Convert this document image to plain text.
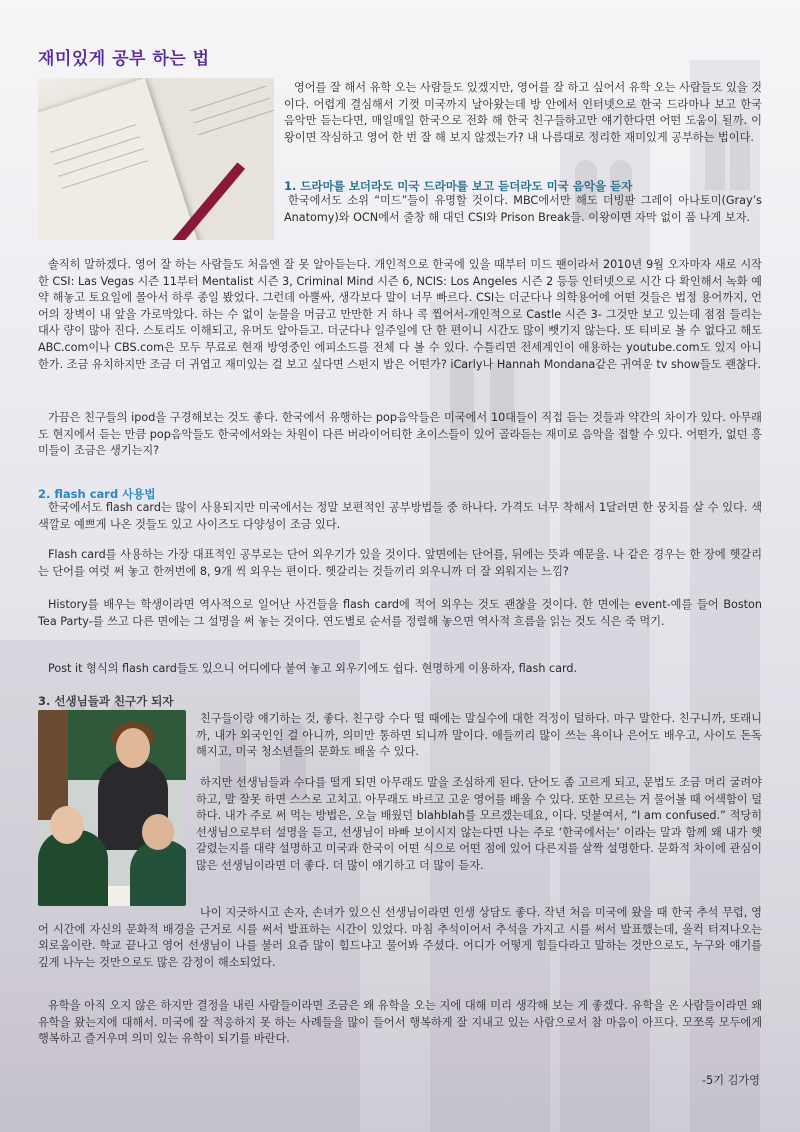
재미있게 공부 하는 법

영어를 잘 해서 유학 오는 사람들도 있겠지만, 영어를 잘 하고 싶어서 유학 오는 사람들도 있을 것이다. 어렵게 결심해서 기껏 미국까지 날아왔는데 방 안에서 인터넷으로 한국 드라마나 보고 한국 음악만 듣는다면, 매일매일 한국으로 전화 해 한국 친구들하고만 얘기한다면 어떤 도움이 될까. 이왕이면 작심하고 영어 한 번 잘 해 보지 않겠는가? 내 나름대로 정리한 재미있게 공부하는 법이다.

1. 드라마를 보더라도 미국 드라마를 보고 듣더라도 미국 음악을 듣자

한국에서도 소위 “미드”들이 유명할 것이다. MBC에서만 해도 더빙판 그레이 아나토미(Gray’s Anatomy)와 OCN에서 줄창 해 대던 CSI와 Prison Break들. 이왕이면 자막 없이 품 나게 보자.

솔직히 말하겠다. 영어 잘 하는 사람들도 처음엔 잘 못 알아듣는다. 개인적으로 한국에 있을 때부터 미드 팬이라서 2010년 9월 오자마자 새로 시작한 CSI: Las Vegas 시즌 11부터 Mentalist 시즌 3, Criminal Mind 시즌 6, NCIS: Los Angeles 시즌 2 등등 인터넷으로 시간 다 확인해서 녹화 예약 해놓고 토요일에 몰아서 하루 종일 봤었다. 그런데 아뿔싸, 생각보다 말이 너무 빠르다. CSI는 더군다나 의학용어에 어떤 것들은 법정 용어까지, 언어의 장벽이 내 앞을 가로막았다. 하는 수 없이 눈물을 머금고 만만한 거 하나 콕 찝어서-개인적으로 Castle 시즌 3- 그것만 보고 있는데 점점 들리는 대사 량이 많아 진다. 스토리도 이해되고, 유머도 알아듣고. 더군다나 일주일에 단 한 편이니 시간도 많이 뺏기지 않는다. 또 티비로 볼 수 없다고 해도 ABC.com이나 CBS.com은 모두 무료로 현재 방영중인 에피소드를 전체 다 볼 수 있다. 수틀리면 전세계인이 애용하는 youtube.com도 있지 아니한가. 조금 유치하지만 조금 더 귀엽고 재미있는 걸 보고 싶다면 스펀지 밥은 어떤가? iCarly나 Hannah Mondana같은 귀여운 tv show들도 괜찮다.

가끔은 친구들의 ipod을 구경해보는 것도 좋다. 한국에서 유행하는 pop음악들은 미국에서 10대들이 직접 듣는 것들과 약간의 차이가 있다. 아무래도 현지에서 듣는 만큼 pop음악들도 한국에서와는 차원이 다른 버라이어티한 초이스들이 있어 골라듣는 재미로 음악을 접할 수 있다. 어떤가, 없던 흥미들이 조금은 생기는지?

2. flash card 사용법

한국에서도 flash card는 많이 사용되지만 미국에서는 정말 보편적인 공부방법들 중 하나다. 가격도 너무 착해서 1달러면 한 뭉치를 살 수 있다. 색색깔로 예쁘게 나온 것들도 있고 사이즈도 다양성이 조금 있다.

Flash card를 사용하는 가장 대표적인 공부로는 단어 외우기가 있을 것이다. 앞면에는 단어를, 뒤에는 뜻과 예문을. 나 같은 경우는 한 장에 헷갈리는 단어를 여럿 써 놓고 한꺼번에 8, 9개 씩 외우는 편이다. 헷갈리는 것들끼리 외우니까 더 잘 외워지는 느낌?

History를 배우는 학생이라면 역사적으로 일어난 사건들을 flash card에 적어 외우는 것도 괜찮을 것이다. 한 면에는 event-예를 들어 Boston Tea Party-를 쓰고 다른 면에는 그 설명을 써 놓는 것이다. 연도별로 순서를 정렬해 놓으면 역사적 흐름을 읽는 것도 식은 죽 먹기.

Post it 형식의 flash card들도 있으니 어디에다 붙여 놓고 외우기에도 쉽다. 현명하게 이용하자, flash card.

3. 선생님들과 친구가 되자

친구들이랑 얘기하는 것, 좋다. 친구랑 수다 떨 때에는 말실수에 대한 걱정이 덜하다. 마구 말한다. 친구니까, 또래니까, 내가 외국인인 걸 아니까, 의미만 통하면 되니까 말이다. 애들끼리 많이 쓰는 욕이나 은어도 배우고, 사이도 돈독해지고, 미국 청소년들의 문화도 배울 수 있다.

하지만 선생님들과 수다를 떨게 되면 아무래도 말을 조심하게 된다. 단어도 좀 고르게 되고, 문법도 조금 머리 굴려야 하고, 말 잘못 하면 스스로 고치고. 아무래도 바르고 고운 영어를 배울 수 있다. 또한 모르는 거 물어볼 때 어색함이 덜하다. 내가 주로 써 먹는 방법은, 오늘 배웠던 blahblah를 모르겠는데요, 이다. 덧붙여서, “I am confused.” 적당히 선생님으로부터 설명을 듣고, 선생님이 바빠 보이시지 않는다면 나는 주로 ‘한국에서는’ 이라는 말과 함께 왜 내가 헷갈렸는지를 대략 설명하고 미국과 한국이 어떤 식으로 어떤 점에 있어 다른지를 살짝 설명한다. 문화적 차이에 관심이 많은 선생님이라면 더 좋다. 더 많이 얘기하고 더 많이 듣자.

나이 지긋하시고 손자, 손녀가 있으신 선생님이라면 인생 상담도 좋다. 작년 처음 미국에 왔을 때 한국 추석 무렵, 영어 시간에 자신의 문화적 배경을 근거로 시를 써서 발표하는 시간이 있었다. 마침 추석이어서 추석을 가지고 시를 써서 발표했는데, 울컥 터져나오는 외로움이란. 학교 끝나고 영어 선생님이 나를 불러 요즘 많이 힘드냐고 물어봐 주셨다. 어디가 어떻게 힘들다라고 말하는 것만으로도, 누구와 얘기를 깊게 나누는 것만으로도 많은 감정이 해소되었다.

유학을 아직 오지 않은 하지만 결정을 내린 사람들이라면 조금은 왜 유학을 오는 지에 대해 미리 생각해 보는 게 좋겠다. 유학을 온 사람들이라면 왜 유학을 왔는지에 대해서. 미국에 잘 적응하지 못 하는 사례들을 많이 들어서 행복하게 잘 지내고 있는 사람으로서 참 마음이 아프다. 모쪼록 모두에게 행복하고 즐거우며 의미 있는 유학이 되기를 바란다.

-5기 김가영
